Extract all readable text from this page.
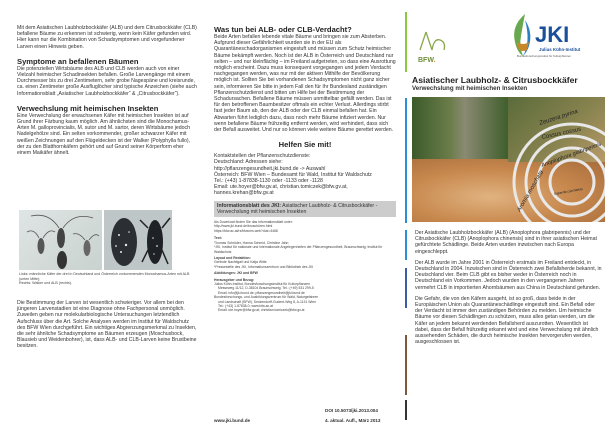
Mit dem Asiatischen Laubholzbockkäfer (ALB) und dem Citrusbockkäfer (CLB) befallene Bäume zu erkennen ist schwierig, wenn kein Käfer gefunden wird. Hier kann nur die Kombination von Schadsymptomen und vorgefundener Larven einen Hinweis geben.

Symptome an befallenen Bäumen

Die potenziellen Wirtsbäume des ALB und CLB werden auch von einer Vielzahl heimischer Schadinsekten befallen. Große Larvengänge mit einem Durchmesser bis zu drei Zentimetern, sehr grobe Nagespäne und kreisrunde, ca. einen Zentimeter große Ausfluglöcher sind typische Anzeichen (siehe auch Informationsblatt „Asiatischer Laubholzbockkäfer“ & „Citrusbockkäfer“).

Verwechslung mit heimischen Insekten

Eine Verwechslung der erwachsenen Käfer mit heimischen Insekten ist auf Grund ihrer Färbung kaum möglich. Am ähnlichsten sind die Monochamus-Arten M. galloprovincialis, M. sutor und M. sartor, deren Wirtsbäume jedoch Nadelgehölze sind. Ein selten vorkommender, großer schwarzer Käfer mit weißen Zeichnungen auf den Flügeldecken ist der Walker (Polyphylla fullo), der zu den Blatthornkäfern gehört und auf Grund seiner Körperform eher einem Maikäfer ähnelt.

Links: männliche Käfer der drei in Deutschland und Österreich vorkommenden Monochamus-Arten mit ALB (unten Mitte);

Rechts: Walker und ALB (rechts).

Die Bestimmung der Larven ist wesentlich schwieriger. Vor allem bei den jüngeren Larvenstadien ist eine Diagnose ohne Fachpersonal unmöglich. Zuweilen geben nur molekularbiologische Untersuchungen letztendlich Aufschluss über die Art. Solche Analysen werden im Institut für Waldschutz des BFW Wien durchgeführt. Ein wichtiges Abgrenzungsmerkmal zu Insekten, die sehr ähnliche Schadsymptome an Bäumen erzeugen (Moschusbock, Blausieb und Weidenbohrer), ist, dass ALB- und CLB-Larven keine Brustbeine besitzen.

Was tun bei ALB- oder CLB-Verdacht?

Beide Arten befallen lebende vitale Bäume und bringen sie zum Absterben. Aufgrund dieser Gefährlichkeit wurden sie in der EU als Quarantäneschadorganismen eingestuft und müssen zum Schutz heimischer Bäume bekämpft werden. Noch ist der ALB in Österreich und Deutschland nur selten – und nur kleinflächig – im Freiland aufgetreten, so dass eine Ausrottung möglich erscheint. Dazu muss konsequent vorgegangen und jedem Verdacht nachgegangen werden, was nur mit der aktiven Mithilfe der Bevölkerung möglich ist. Sollten Sie bei vorhandenen Schadsymptomen nicht ganz sicher sein, informieren Sie bitte in jedem Fall den für Ihr Bundesland zuständigen Pflanzenschutzdienst und bitten um Hilfe bei der Bestimmung der Schadursachen. Befallene Bäume müssen unmittelbar gefällt werden. Das ist für den betroffenen Baumbesitzer oftmals ein echter Verlust. Allerdings stirbt fast jeder Baum ab, den der ALB oder der CLB einmal befallen hat. Ein Abwarten führt lediglich dazu, dass noch mehr Bäume infiziert werden. Nur wenn befallene Bäume frühzeitig entfernt werden, wird verhindert, dass sich der Befall ausweitet. Und nur so können viele weitere Bäume gerettet werden.

Helfen Sie mit!

Kontaktstellen der Pflanzenschutzdienste:

Deutschland: Adressen siehe:

http://pflanzengesundheit.jki.bund.de -> Auswahl

Österreich: BFW Wien – Bundesamt für Wald, Institut für Waldschutz

Tel.: (+43) 1-87838-1130 oder -1133 oder -1128

Email: ute.hoyer@bfw.gv.at, christian.tomiczek@bfw.gv.at,

hannes.krehan@bfw.gv.at

Informationsblatt des JKI: Asiatischer Laubholz- & Citrusbockkäfer - Verwechslung mit heimischen Insekten

Als Download finden Sie das Informationsblatt unter:

http://www.jki.bund.de/broschüren.html

https://bfw.ac.at/rz/bfwcms.web?dok=4468

Text:

Thomas Schröder, Hanna Schmid, Christine Jahn

*JKI, Institut für nationale und internationale Angelegenheiten der Pflanzengesundheit, Braunschweig; Institut für Waldschutz

Layout und Redaktion:

Gerlinde Nachtigall und Katja Witte

*Pressestelle des JKI, Informationszentrum und Bibliothek des JKI

Abbildungen: JKI und BFW

Herausgeber und Bezug:

Julius Kühn-Institut, Bundesforschungsinstitut für Kulturpflanzen

Messeweg 11/12, D-38104 Braunschweig, Tel.: (+49) 531 299-5

Email: info@jki.bund.de; pflanzengesundheit@jki.bund.de

Bundesforschungs- und Ausbildungszentrum für Wald, Naturgefahren

und Landschaft (BFW), Seckendorff-Gudent-Weg 8, A-1131 Wien

Tel.: (+43) 1-87838-0; www.bfw.ac.at

Email: ute.hoyer@bfw.gv.at; christian.tomiczek@bfw.gv.at

DOI 10.5073/jki.2013.004

www.jki.bund.de	4. aktual. Aufl., März 2013

BFW.
JKI
Julius Kühn-Institut
Bundesforschungsinstitut für Kulturpflanzen
Asiatischer Laubholz- & Citrusbockkäfer

Verwechslung mit heimischen Insekten

Zeuzera pyrina
Cossus cossus
Aromia moschata
Anoplophora glabripennis
Saperda carcharias

Der Asiatische Laubholzbockkäfer (ALB) (Anoplophora glabripennis) und der Citrusbockkäfer (CLB) (Anoplophora chinensis) sind in ihrer asiatischen Heimat gefürchtete Schädlinge. Beide Arten wurden inzwischen nach Europa eingeschleppt.

Der ALB wurde im Jahre 2001 in Österreich erstmals im Freiland entdeckt, in Deutschland in 2004. Inzwischen sind in Österreich zwei Befallsherde bekannt, in Deutschland vier. Beim CLB gibt es bisher weder in Österreich noch in Deutschland ein Vorkommen. Jedoch wurden in den vergangenen Jahren vermehrt CLB in importierten Ahornbäumen aus China in Deutschland gefunden.

Die Gefahr, die von den Käfern ausgeht, ist so groß, dass beide in der Europäischen Union als Quarantäneschädlinge eingestuft sind. Ein Befall oder der Verdacht ist immer den zuständigen Behörden zu melden. Um heimische Bäume vor diesen Schädlingen zu schützen, muss alles getan werden, um die Käfer an jedem bekannt werdenden Befallsherd auszurotten. Wesentlich ist dabei, dass der Befall frühzeitig erkannt wird und eine Verwechslung mit ähnlich aussehenden Schäden, die durch heimische Insekten hervorgerufen werden, ausgeschlossen ist.
